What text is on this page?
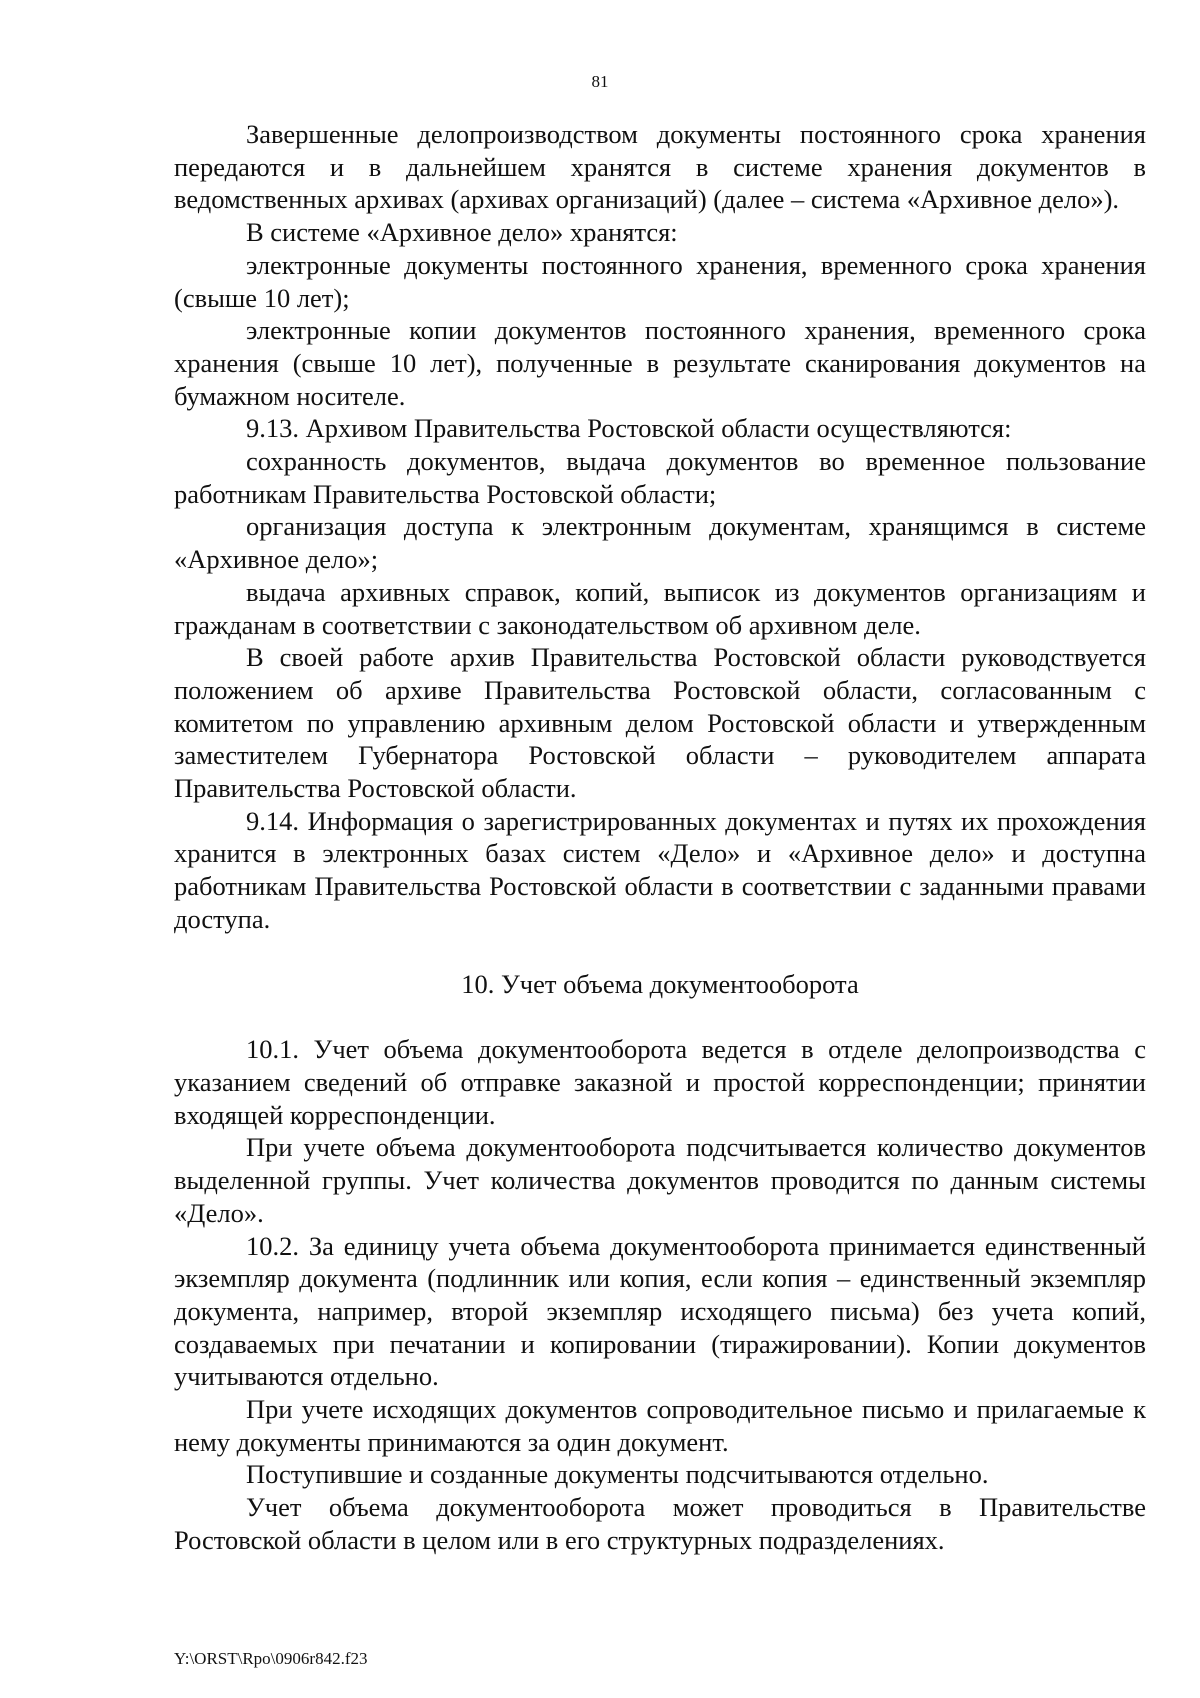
81

Завершенные делопроизводством документы постоянного срока хранения передаются и в дальнейшем хранятся в системе хранения документов в ведомственных архивах (архивах организаций) (далее – система «Архивное дело»).

В системе «Архивное дело» хранятся:

электронные документы постоянного хранения, временного срока хранения (свыше 10 лет);

электронные копии документов постоянного хранения, временного срока хранения (свыше 10 лет), полученные в результате сканирования документов на бумажном носителе.

9.13. Архивом Правительства Ростовской области осуществляются:

сохранность документов, выдача документов во временное пользование работникам Правительства Ростовской области;

организация доступа к электронным документам, хранящимся в системе «Архивное дело»;

выдача архивных справок, копий, выписок из документов организациям и гражданам в соответствии с законодательством об архивном деле.

В своей работе архив Правительства Ростовской области руководствуется положением об архиве Правительства Ростовской области, согласованным с комитетом по управлению архивным делом Ростовской области и утвержденным заместителем Губернатора Ростовской области – руководителем аппарата Правительства Ростовской области.

9.14. Информация о зарегистрированных документах и путях их прохождения хранится в электронных базах систем «Дело» и «Архивное дело» и доступна работникам Правительства Ростовской области в соответствии с заданными правами доступа.

10. Учет объема документооборота

10.1. Учет объема документооборота ведется в отделе делопроизводства с указанием сведений об отправке заказной и простой корреспонденции; принятии входящей корреспонденции.

При учете объема документооборота подсчитывается количество документов выделенной группы. Учет количества документов проводится по данным системы «Дело».

10.2. За единицу учета объема документооборота принимается единственный экземпляр документа (подлинник или копия, если копия – единственный экземпляр документа, например, второй экземпляр исходящего письма) без учета копий, создаваемых при печатании и копировании (тиражировании). Копии документов учитываются отдельно.

При учете исходящих документов сопроводительное письмо и прилагаемые к нему документы принимаются за один документ.

Поступившие и созданные документы подсчитываются отдельно.

Учет объема документооборота может проводиться в Правительстве Ростовской области в целом или в его структурных подразделениях.

Y:\ORST\Rpo\0906r842.f23
